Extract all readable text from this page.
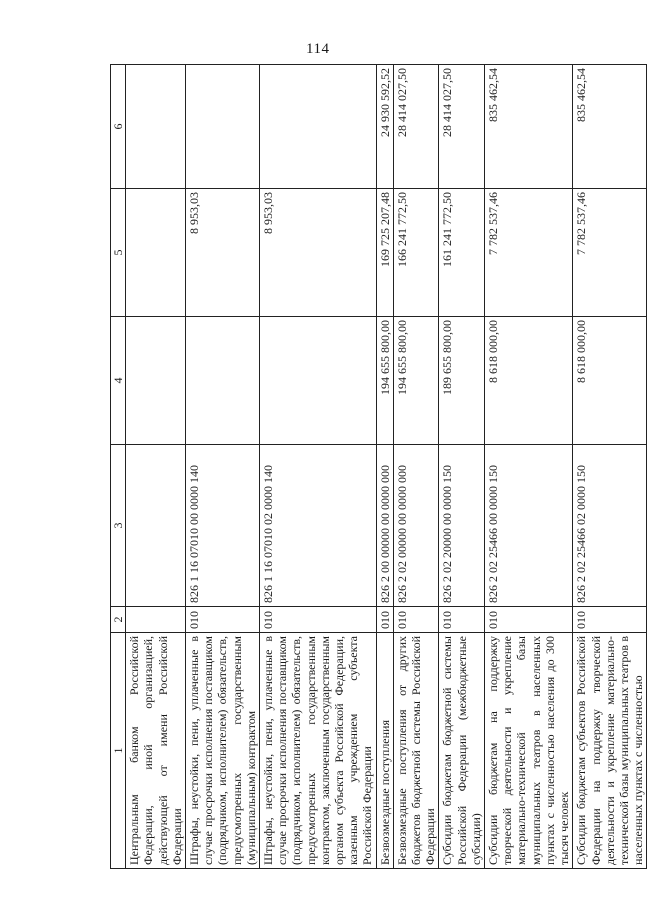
114
1	2	3	4	5	6
Центральным банком Российской Федерации, иной организацией, действующей от имени Российской Федерации					
Штрафы, неустойки, пени, уплаченные в случае просрочки исполнения поставщиком (подрядчиком, исполнителем) обязательств, предусмотренных государственным (муниципальным) контрактом	010	826 1 16 07010 00 0000 140		8 953,03	
Штрафы, неустойки, пени, уплаченные в случае просрочки исполнения поставщиком (подрядчиком, исполнителем) обязательств, предусмотренных государственным контрактом, заключенным государственным органом субъекта Российской Федерации, казенным учреждением субъекта Российской Федерации	010	826 1 16 07010 02 0000 140		8 953,03	
Безвозмездные поступления	010	826 2 00 00000 00 0000 000	194 655 800,00	169 725 207,48	24 930 592,52
Безвозмездные поступления от других бюджетов бюджетной системы Российской Федерации	010	826 2 02 00000 00 0000 000	194 655 800,00	166 241 772,50	28 414 027,50
Субсидии бюджетам бюджетной системы Российской Федерации (межбюджетные субсидии)	010	826 2 02 20000 00 0000 150	189 655 800,00	161 241 772,50	28 414 027,50
Субсидии бюджетам на поддержку творческой деятельности и укрепление материально-технической базы муниципальных театров в населенных пунктах с численностью населения до 300 тысяч человек	010	826 2 02 25466 00 0000 150	8 618 000,00	7 782 537,46	835 462,54
Субсидии бюджетам субъектов Российской Федерации на поддержку творческой деятельности и укрепление материально-технической базы муниципальных театров в населенных пунктах с численностью	010	826 2 02 25466 02 0000 150	8 618 000,00	7 782 537,46	835 462,54
